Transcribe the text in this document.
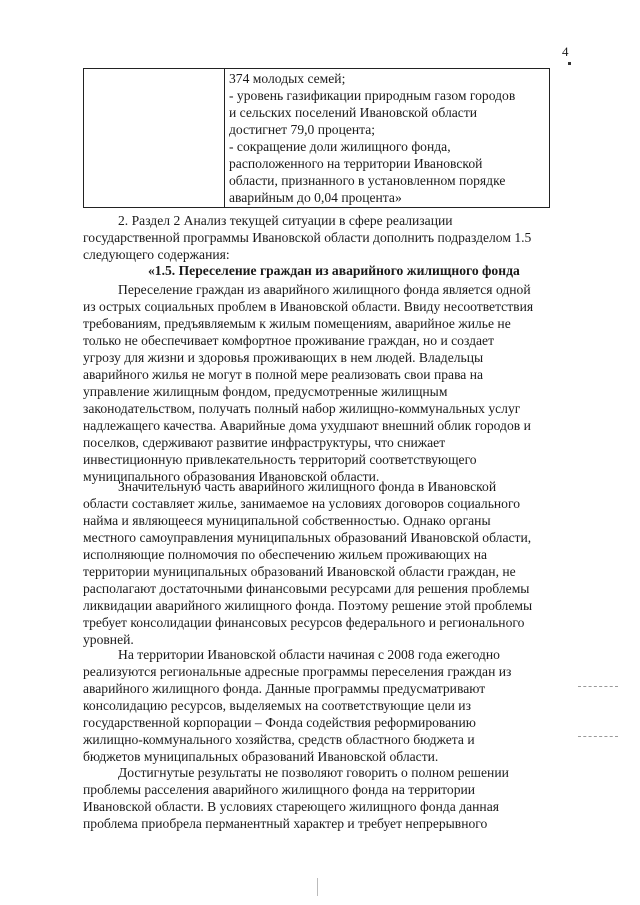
4
374 молодых семей;
- уровень газификации природным газом городов
и сельских поселений Ивановской области
достигнет 79,0 процента;
- сокращение доли жилищного фонда,
расположенного на территории Ивановской
области, признанного в установленном порядке
аварийным до 0,04 процента»
2. Раздел 2 Анализ текущей ситуации в сфере реализации
государственной программы Ивановской области дополнить подразделом 1.5
следующего содержания:
«1.5. Переселение граждан из аварийного жилищного фонда
Переселение граждан из аварийного жилищного фонда является одной
из острых социальных проблем в Ивановской области. Ввиду несоответствия
требованиям, предъявляемым к жилым помещениям, аварийное жилье не
только не обеспечивает комфортное проживание граждан, но и создает
угрозу для жизни и здоровья проживающих в нем людей. Владельцы
аварийного жилья не могут в полной мере реализовать свои права на
управление жилищным фондом, предусмотренные жилищным
законодательством, получать полный набор жилищно-коммунальных услуг
надлежащего качества. Аварийные дома ухудшают внешний облик городов и
поселков, сдерживают развитие инфраструктуры, что снижает
инвестиционную привлекательность территорий соответствующего
муниципального образования Ивановской области.
Значительную часть аварийного жилищного фонда в Ивановской
области составляет жилье, занимаемое на условиях договоров социального
найма и являющееся муниципальной собственностью. Однако органы
местного самоуправления муниципальных образований Ивановской области,
исполняющие полномочия по обеспечению жильем проживающих на
территории муниципальных образований Ивановской области граждан, не
располагают достаточными финансовыми ресурсами для решения проблемы
ликвидации аварийного жилищного фонда. Поэтому решение этой проблемы
требует консолидации финансовых ресурсов федерального и регионального
уровней.
На территории Ивановской области начиная с 2008 года ежегодно
реализуются региональные адресные программы переселения граждан из
аварийного жилищного фонда. Данные программы предусматривают
консолидацию ресурсов, выделяемых на соответствующие цели из
государственной корпорации – Фонда содействия реформированию
жилищно-коммунального хозяйства, средств областного бюджета и
бюджетов муниципальных образований Ивановской области.
Достигнутые результаты не позволяют говорить о полном решении
проблемы расселения аварийного жилищного фонда на территории
Ивановской области. В условиях стареющего жилищного фонда данная
проблема приобрела перманентный характер и требует непрерывного
